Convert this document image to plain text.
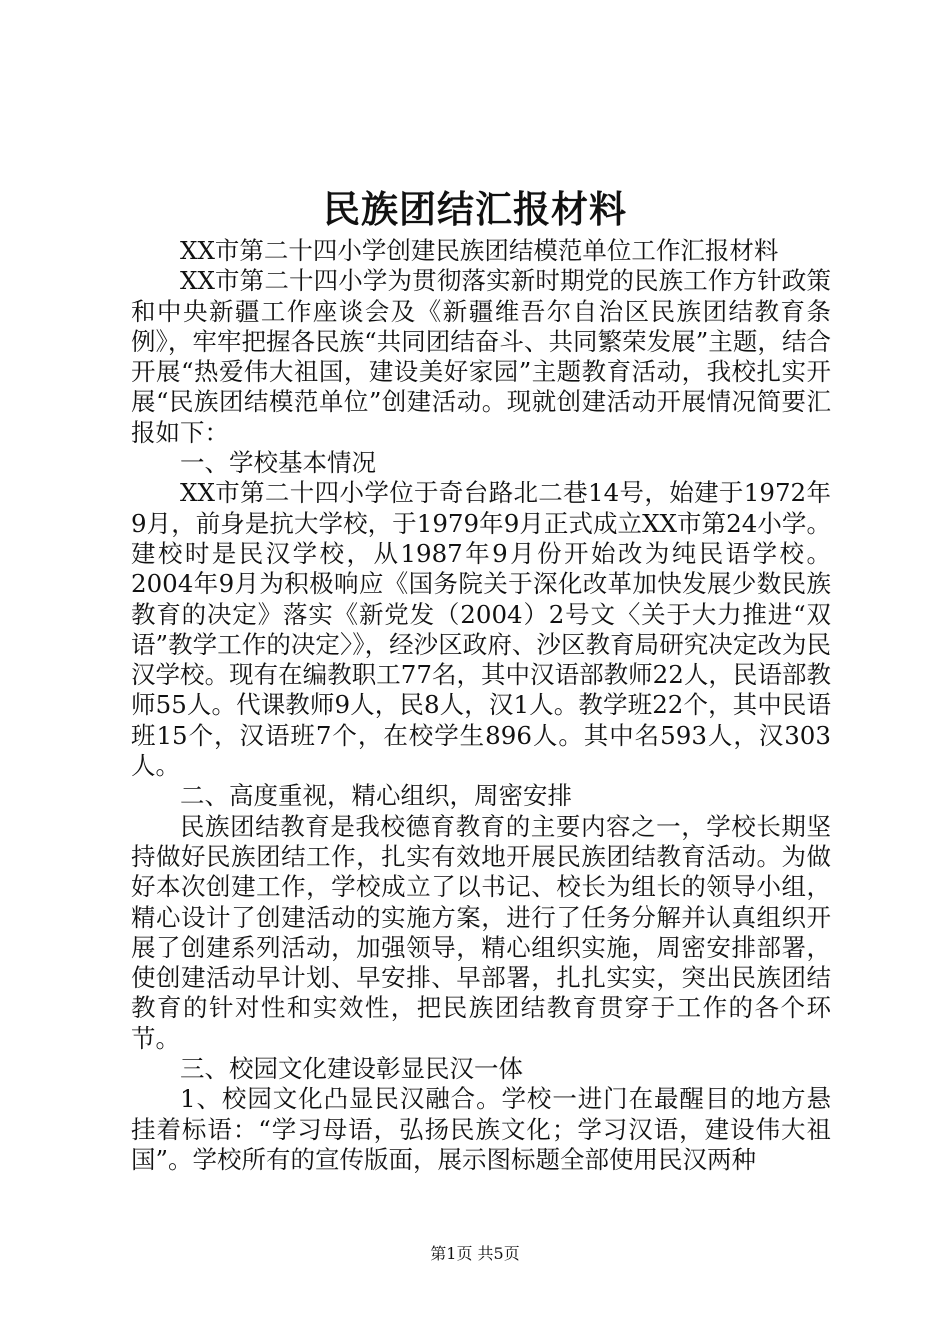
民族团结汇报材料

XX市第二十四小学创建民族团结模范单位工作汇报材料

XX市第二十四小学为贯彻落实新时期党的民族工作方针政策和中央新疆工作座谈会及《新疆维吾尔自治区民族团结教育条例》，牢牢把握各民族“共同团结奋斗、共同繁荣发展”主题，结合开展“热爱伟大祖国，建设美好家园”主题教育活动，我校扎实开展“民族团结模范单位”创建活动。现就创建活动开展情况简要汇报如下：

一、学校基本情况

XX市第二十四小学位于奇台路北二巷14号，始建于1972年9月，前身是抗大学校，于1979年9月正式成立XX市第24小学。建校时是民汉学校，从1987年9月份开始改为纯民语学校。2004年9月为积极响应《国务院关于深化改革加快发展少数民族教育的决定》落实《新党发（2004）2号文〈关于大力推进“双语”教学工作的决定〉》，经沙区政府、沙区教育局研究决定改为民汉学校。现有在编教职工77名，其中汉语部教师22人，民语部教师55人。代课教师9人，民8人，汉1人。教学班22个，其中民语班15个，汉语班7个，在校学生896人。其中名593人，汉303人。

二、高度重视，精心组织，周密安排

民族团结教育是我校德育教育的主要内容之一，学校长期坚持做好民族团结工作，扎实有效地开展民族团结教育活动。为做好本次创建工作，学校成立了以书记、校长为组长的领导小组，精心设计了创建活动的实施方案，进行了任务分解并认真组织开展了创建系列活动，加强领导，精心组织实施，周密安排部署，使创建活动早计划、早安排、早部署，扎扎实实，突出民族团结教育的针对性和实效性，把民族团结教育贯穿于工作的各个环节。

三、校园文化建设彰显民汉一体

1、校园文化凸显民汉融合。学校一进门在最醒目的地方悬挂着标语：“学习母语，弘扬民族文化；学习汉语，建设伟大祖国”。学校所有的宣传版面，展示图标题全部使用民汉两种

第1页 共5页
